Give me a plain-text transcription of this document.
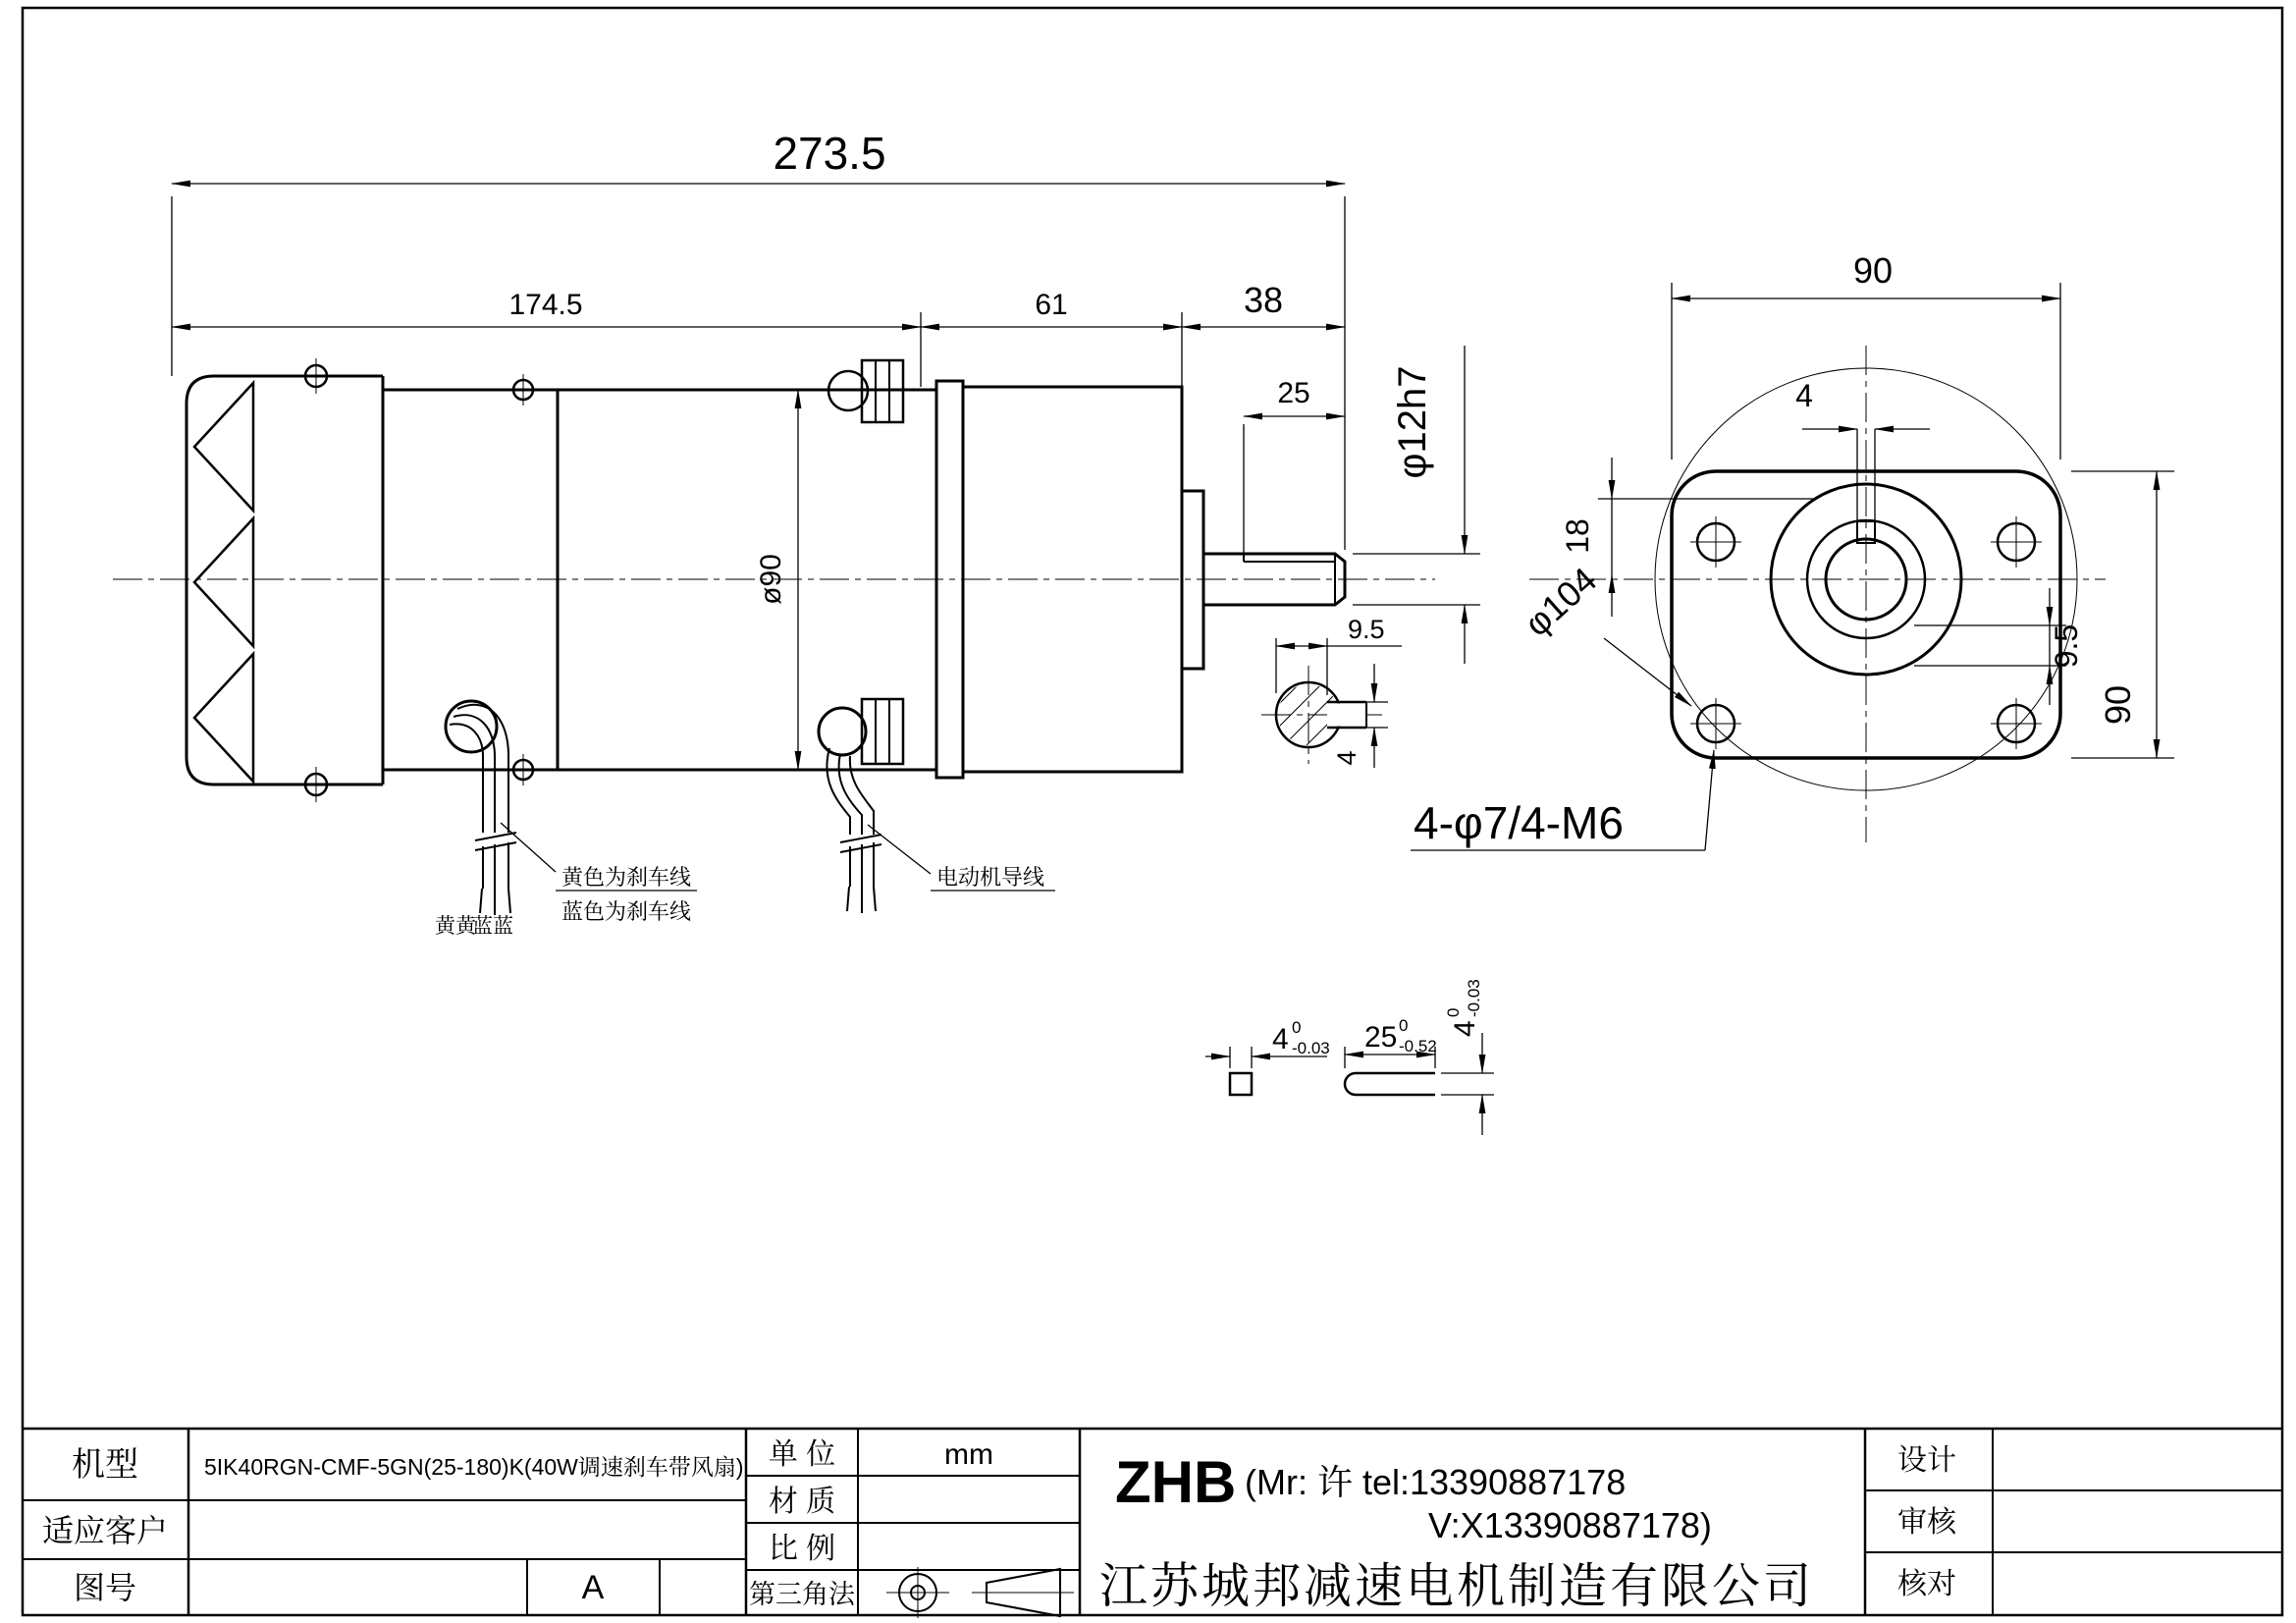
黄黄
蓝蓝
黄色为刹车线
蓝色为刹车线
电动机导线
273.5
174.5	61	38
25 φ12h7
ø90
90
4
18
9.5
90
φ104
4-φ7/4-M6
9.5
4
4 0
-0.03 25 0
-0.52
4
0 -0.03
机型	5IK40RGN-CMF-5GN(25-180)K(40W调速刹车带风扇)
适应客户
图号	A
单 位	mm
材 质
比 例
第三角法
ZHB (Mr: 许 tel:13390887178
V:X13390887178)
江苏城邦减速电机制造有限公司
设计
审核
核对
